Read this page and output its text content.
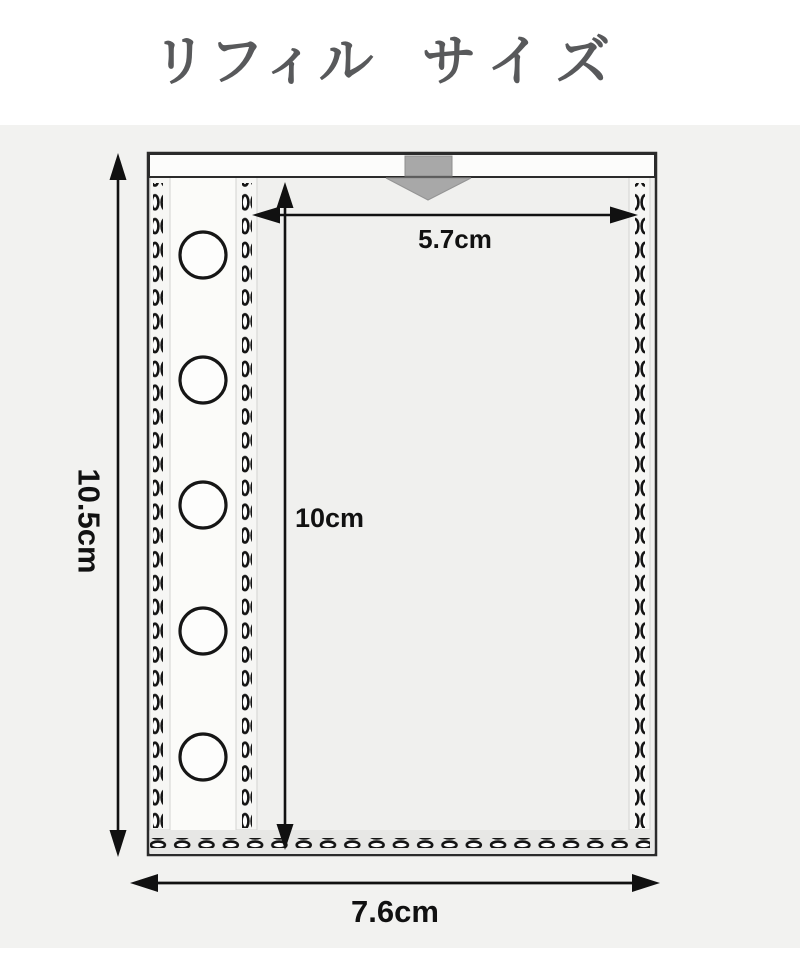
リフィル サイズ
5.7cm
10cm
7.6cm
10.5cm
